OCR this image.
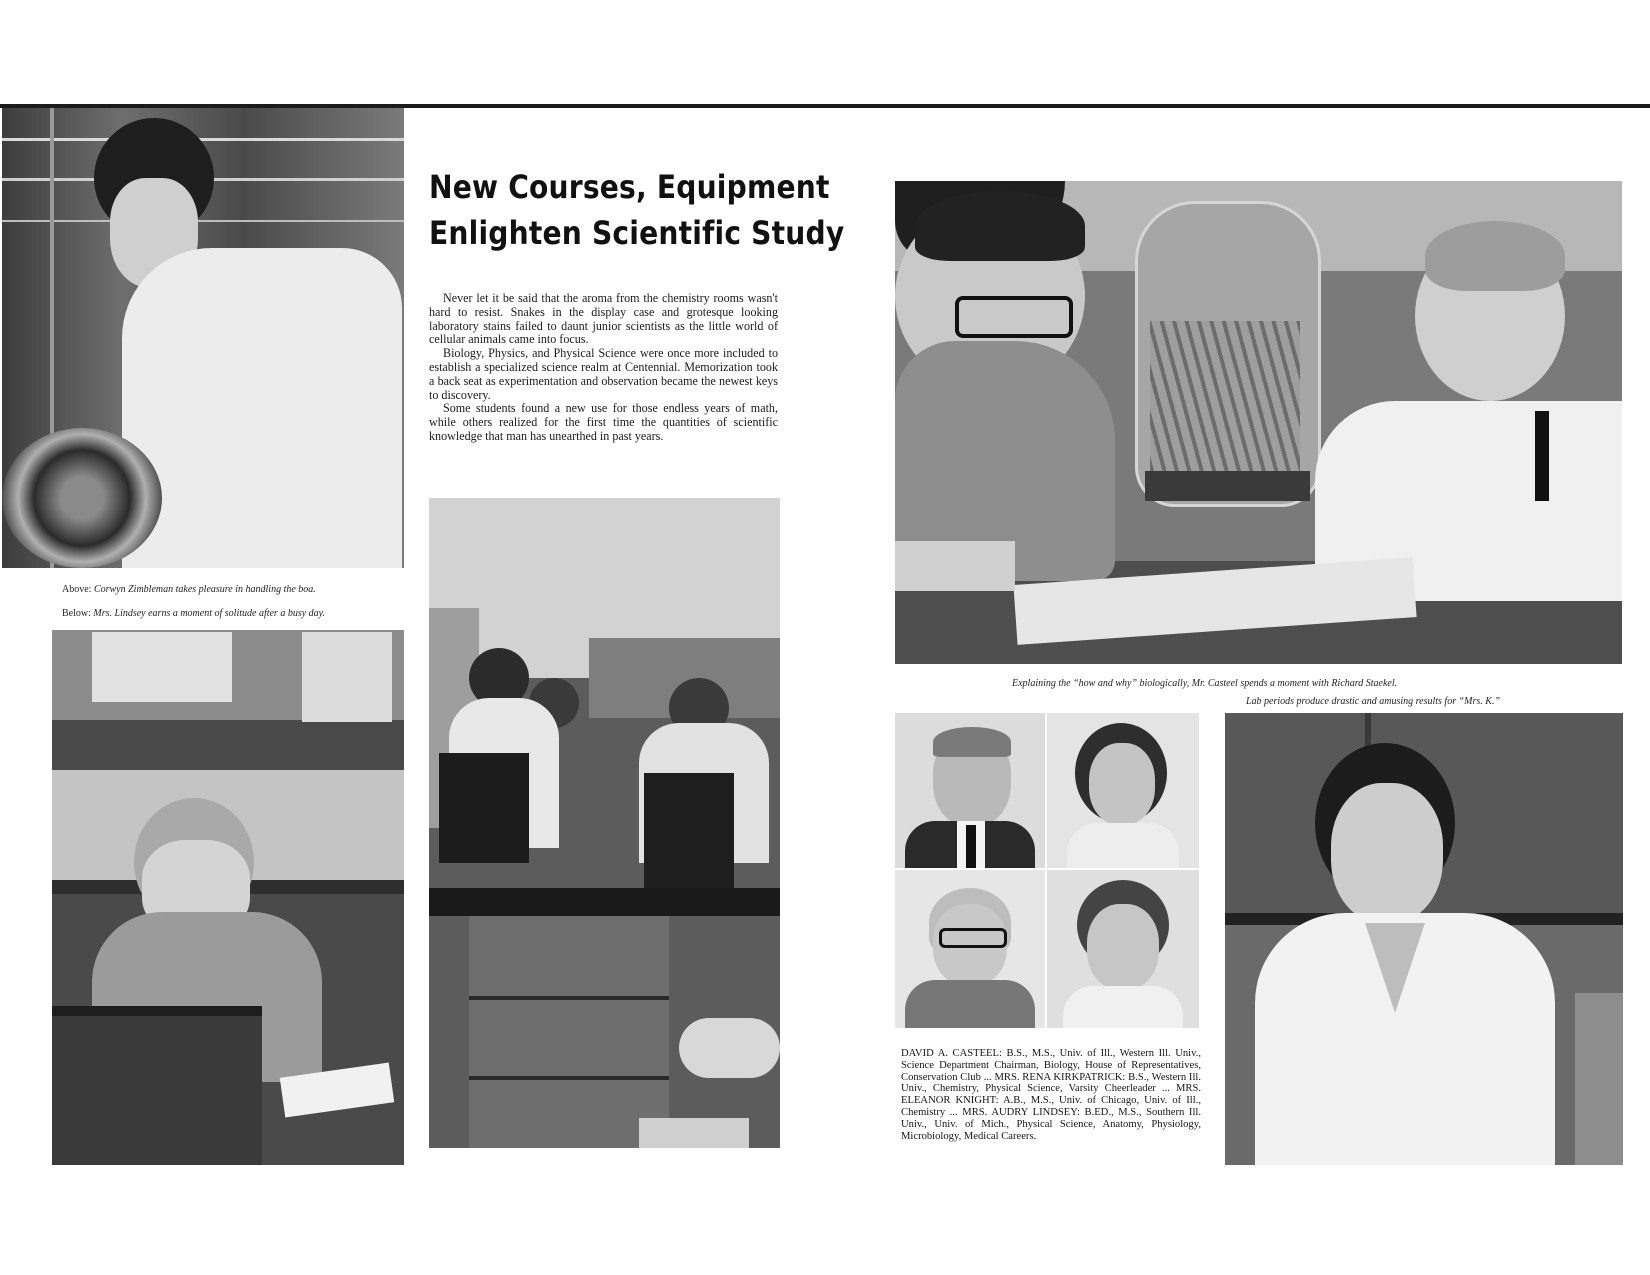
Above: Corwyn Zimbleman takes pleasure in handling the boa.
Below: Mrs. Lindsey earns a moment of solitude after a busy day.
New Courses, Equipment
Enlighten Scientific Study

Never let it be said that the aroma from the chemistry rooms wasn't hard to resist. Snakes in the display case and grotesque looking laboratory stains failed to daunt junior scientists as the little world of cellular animals came into focus.

Biology, Physics, and Physical Science were once more included to establish a specialized science realm at Centennial. Memorization took a back seat as experimentation and observation became the newest keys to discovery.

Some students found a new use for those endless years of math, while others realized for the first time the quantities of scientific knowledge that man has unearthed in past years.

Explaining the “how and why” biologically, Mr. Casteel spends a moment with Richard Staekel.
Lab periods produce drastic and amusing results for “Mrs. K.”
DAVID A. CASTEEL: B.S., M.S., Univ. of Ill., Western Ill. Univ., Science Department Chairman, Biology, House of Representatives, Conservation Club ... MRS. RENA KIRKPATRICK: B.S., Western Ill. Univ., Chemistry, Physical Science, Varsity Cheerleader ... MRS. ELEANOR KNIGHT: A.B., M.S., Univ. of Chicago, Univ. of Ill., Chemistry ... MRS. AUDRY LINDSEY: B.ED., M.S., Southern Ill. Univ., Univ. of Mich., Physical Science, Anatomy, Physiology, Microbiology, Medical Careers.
